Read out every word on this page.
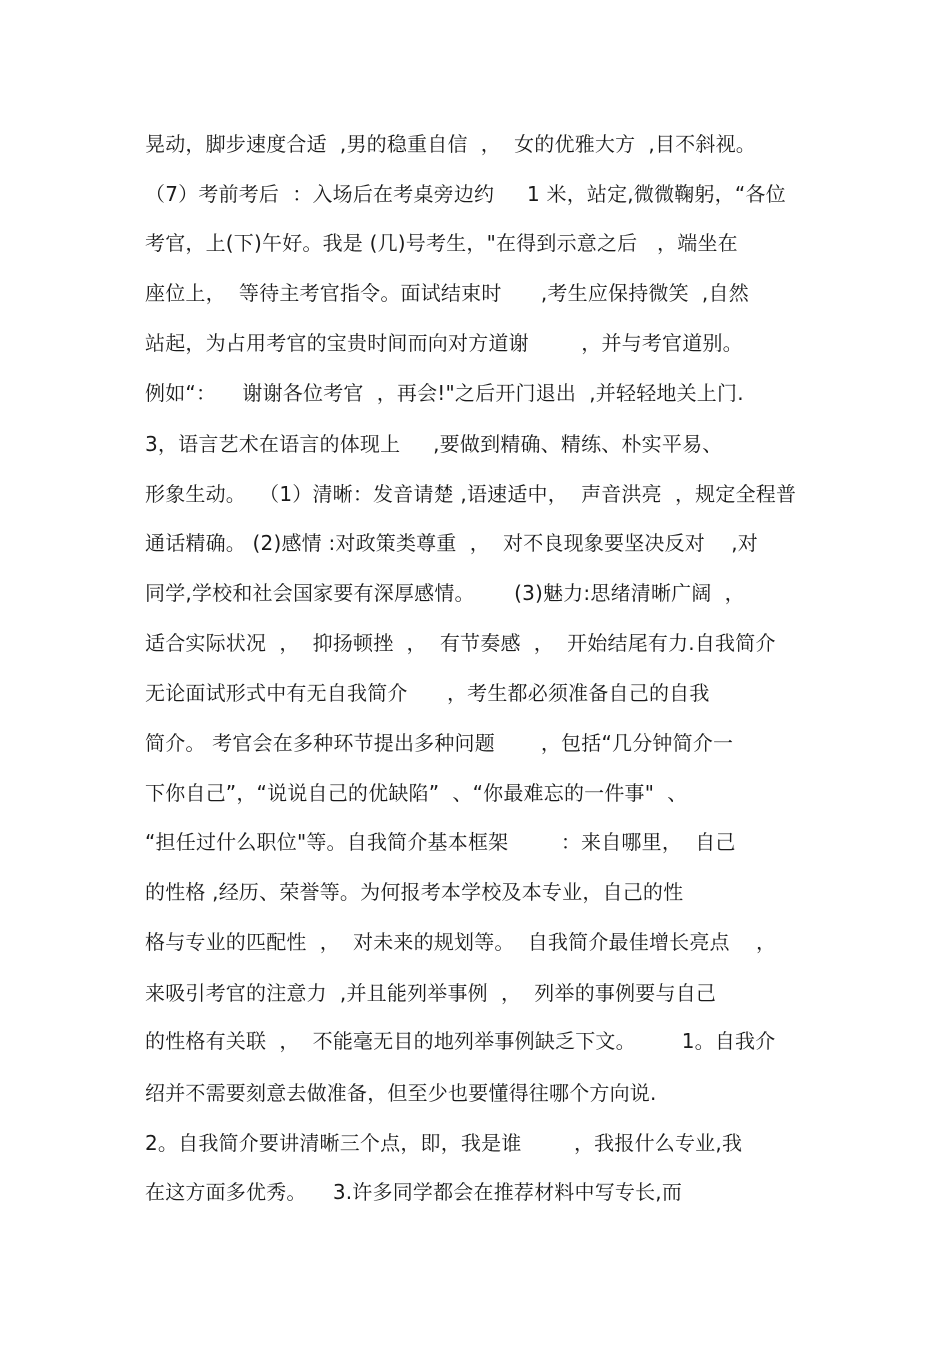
晃动，脚步速度合适  ,男的稳重自信  ，  女的优雅大方  ,目不斜视。
（7）考前考后  ：入场后在考桌旁边约     1 米，站定,微微鞠躬，“各位
考官，上(下)午好。我是 (几)号考生，"在得到示意之后   ，端坐在
座位上，  等待主考官指令。面试结束时      ,考生应保持微笑  ,自然
站起，为占用考官的宝贵时间而向对方道谢        ，并与考官道别。
例如“：    谢谢各位考官  ，再会!"之后开门退出  ,并轻轻地关上门.
3，语言艺术在语言的体现上     ,要做到精确、精练、朴实平易、
形象生动。  （1）清晰：发音请楚 ,语速适中，  声音洪亮  ，规定全程普
通话精确。 (2)感情 :对政策类尊重  ，  对不良现象要坚决反对    ,对
同学,学校和社会国家要有深厚感情。      (3)魅力:思绪清晰广阔  ，
适合实际状况  ，  抑扬顿挫  ，  有节奏感  ，  开始结尾有力.自我简介
无论面试形式中有无自我简介      ，考生都必须准备自己的自我
简介。 考官会在多种环节提出多种问题       ，包括“几分钟简介一
下你自己”，“说说自己的优缺陷”  、“你最难忘的一件事"  、
“担任过什么职位"等。自我简介基本框架        ：来自哪里，  自己
的性格 ,经历、荣誉等。为何报考本学校及本专业，自己的性
格与专业的匹配性  ，  对未来的规划等。  自我简介最佳增长亮点    ，
来吸引考官的注意力  ,并且能列举事例  ，  列举的事例要与自己
的性格有关联  ，  不能毫无目的地列举事例缺乏下文。       1。自我介
绍并不需要刻意去做准备，但至少也要懂得往哪个方向说.
2。自我简介要讲清晰三个点，即，我是谁        ，我报什么专业,我
在这方面多优秀。    3.许多同学都会在推荐材料中写专长,而
